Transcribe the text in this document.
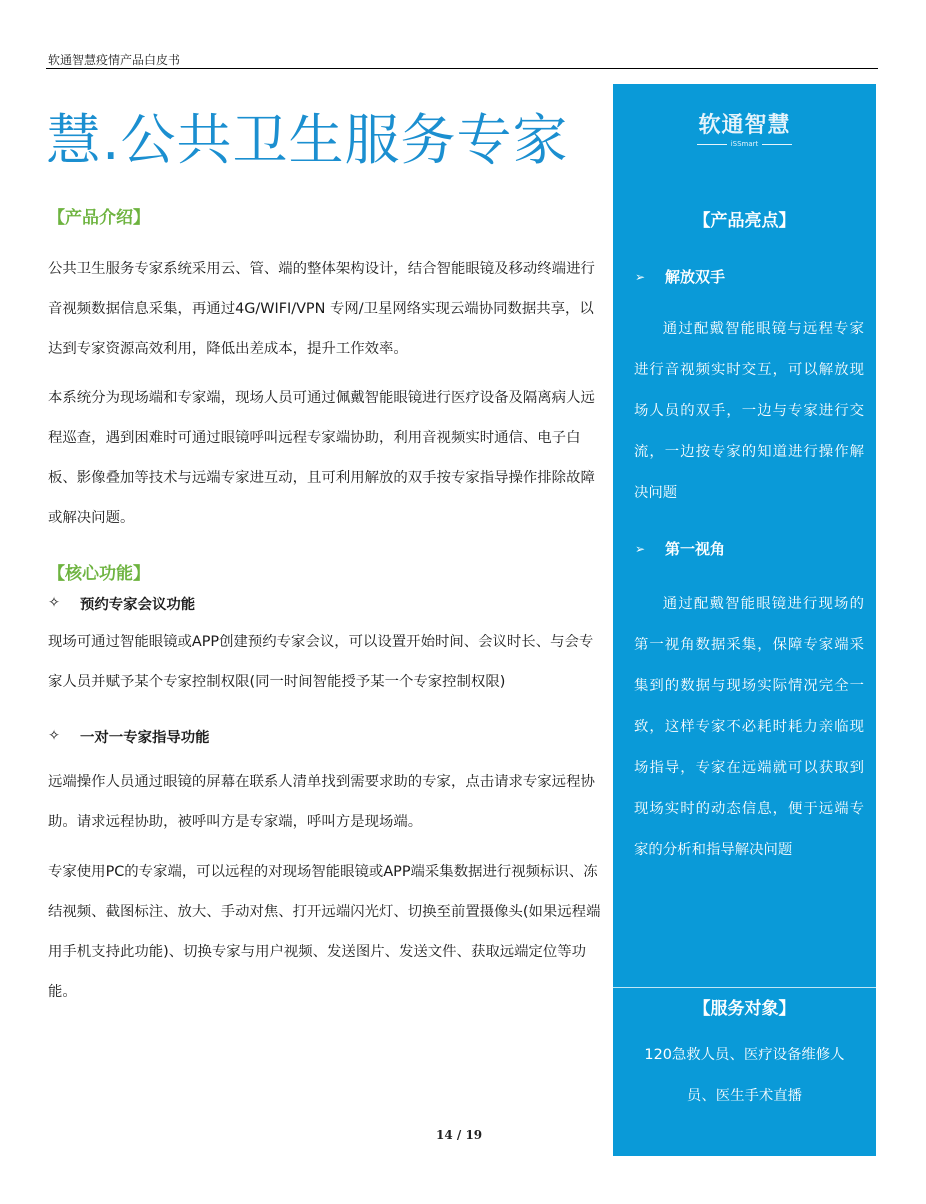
软通智慧疫情产品白皮书
慧.公共卫生服务专家
【产品介绍】

公共卫生服务专家系统采用云、管、端的整体架构设计，结合智能眼镜及移动终端进行音视频数据信息采集，再通过4G/WIFI/VPN 专网/卫星网络实现云端协同数据共享，以达到专家资源高效利用，降低出差成本，提升工作效率。

本系统分为现场端和专家端，现场人员可通过佩戴智能眼镜进行医疗设备及隔离病人远程巡查，遇到困难时可通过眼镜呼叫远程专家端协助，利用音视频实时通信、电子白板、影像叠加等技术与远端专家进互动，且可利用解放的双手按专家指导操作排除故障或解决问题。

【核心功能】
✧	预约专家会议功能

现场可通过智能眼镜或APP创建预约专家会议，可以设置开始时间、会议时长、与会专家人员并赋予某个专家控制权限(同一时间智能授予某一个专家控制权限)

✧	一对一专家指导功能

远端操作人员通过眼镜的屏幕在联系人清单找到需要求助的专家，点击请求专家远程协助。请求远程协助，被呼叫方是专家端，呼叫方是现场端。

专家使用PC的专家端，可以远程的对现场智能眼镜或APP端采集数据进行视频标识、冻结视频、截图标注、放大、手动对焦、打开远端闪光灯、切换至前置摄像头(如果远程端用手机支持此功能)、切换专家与用户视频、发送图片、发送文件、获取远端定位等功能。

14 / 19
软通智慧
iSSmart
【产品亮点】
➢	解放双手
通过配戴智能眼镜与远程专家进行音视频实时交互，可以解放现场人员的双手，一边与专家进行交流，一边按专家的知道进行操作解决问题
➢	第一视角
通过配戴智能眼镜进行现场的第一视角数据采集，保障专家端采集到的数据与现场实际情况完全一致，这样专家不必耗时耗力亲临现场指导，专家在远端就可以获取到现场实时的动态信息，便于远端专家的分析和指导解决问题
【服务对象】
120急救人员、医疗设备维修人员、医生手术直播
